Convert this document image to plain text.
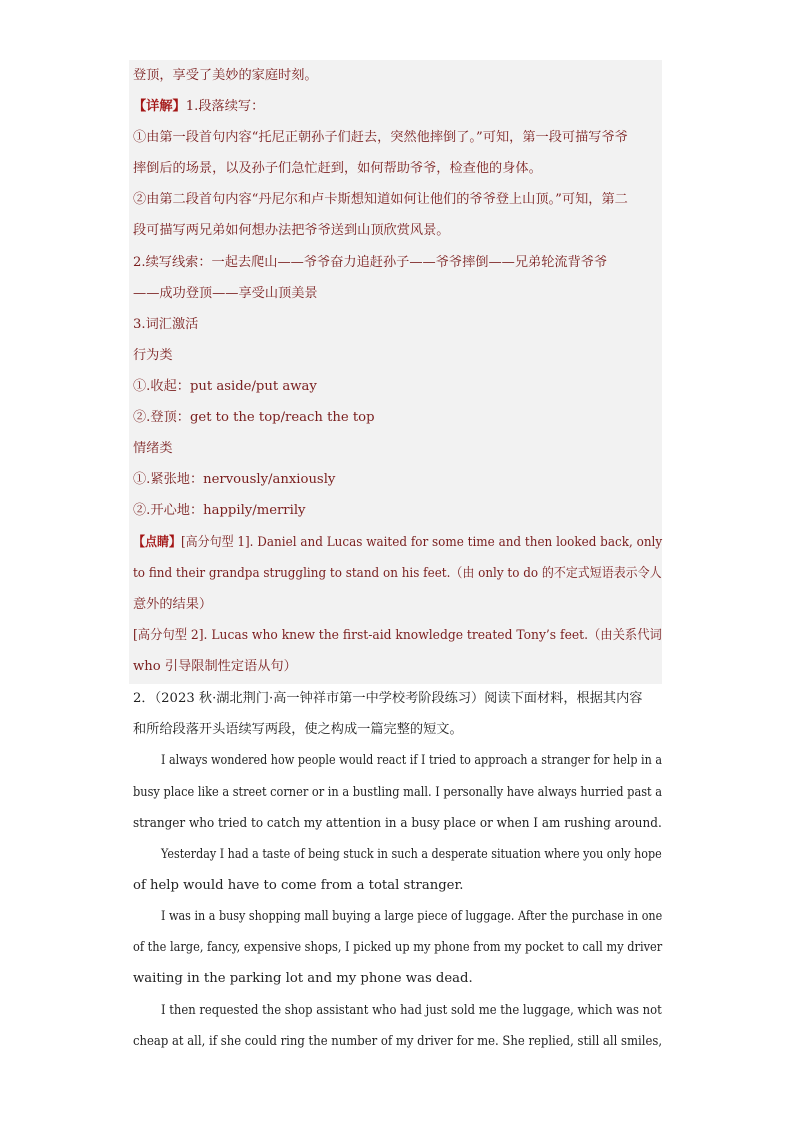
登顶，享受了美妙的家庭时刻。
【详解】1.段落续写：
①由第一段首句内容“托尼正朝孙子们赶去，突然他摔倒了。”可知，第一段可描写爷爷
摔倒后的场景，以及孙子们急忙赶到，如何帮助爷爷，检查他的身体。
②由第二段首句内容“丹尼尔和卢卡斯想知道如何让他们的爷爷登上山顶。”可知，第二
段可描写两兄弟如何想办法把爷爷送到山顶欣赏风景。
2.续写线索：一起去爬山——爷爷奋力追赶孙子——爷爷摔倒——兄弟轮流背爷爷
——成功登顶——享受山顶美景
3.词汇激活
行为类
①.收起：put aside/put away
②.登顶：get to the top/reach the top
情绪类
①.紧张地：nervously/anxiously
②.开心地：happily/merrily
【点睛】[高分句型 1]. Daniel and Lucas waited for some time and then looked back, only
to find their grandpa struggling to stand on his feet.（由 only to do 的不定式短语表示令人
意外的结果）
[高分句型 2]. Lucas who knew the first-aid knowledge treated Tony’s feet.（由关系代词
who 引导限制性定语从句）
2．（2023 秋·湖北荆门·高一钟祥市第一中学校考阶段练习）阅读下面材料，根据其内容
和所给段落开头语续写两段，使之构成一篇完整的短文。
I always wondered how people would react if I tried to approach a stranger for help in a
busy place like a street corner or in a bustling mall. I personally have always hurried past a
stranger who tried to catch my attention in a busy place or when I am rushing around.
Yesterday I had a taste of being stuck in such a desperate situation where you only hope
of help would have to come from a total stranger.
I was in a busy shopping mall buying a large piece of luggage. After the purchase in one
of the large, fancy, expensive shops, I picked up my phone from my pocket to call my driver
waiting in the parking lot and my phone was dead.
I then requested the shop assistant who had just sold me the luggage, which was not
cheap at all, if she could ring the number of my driver for me. She replied, still all smiles,
